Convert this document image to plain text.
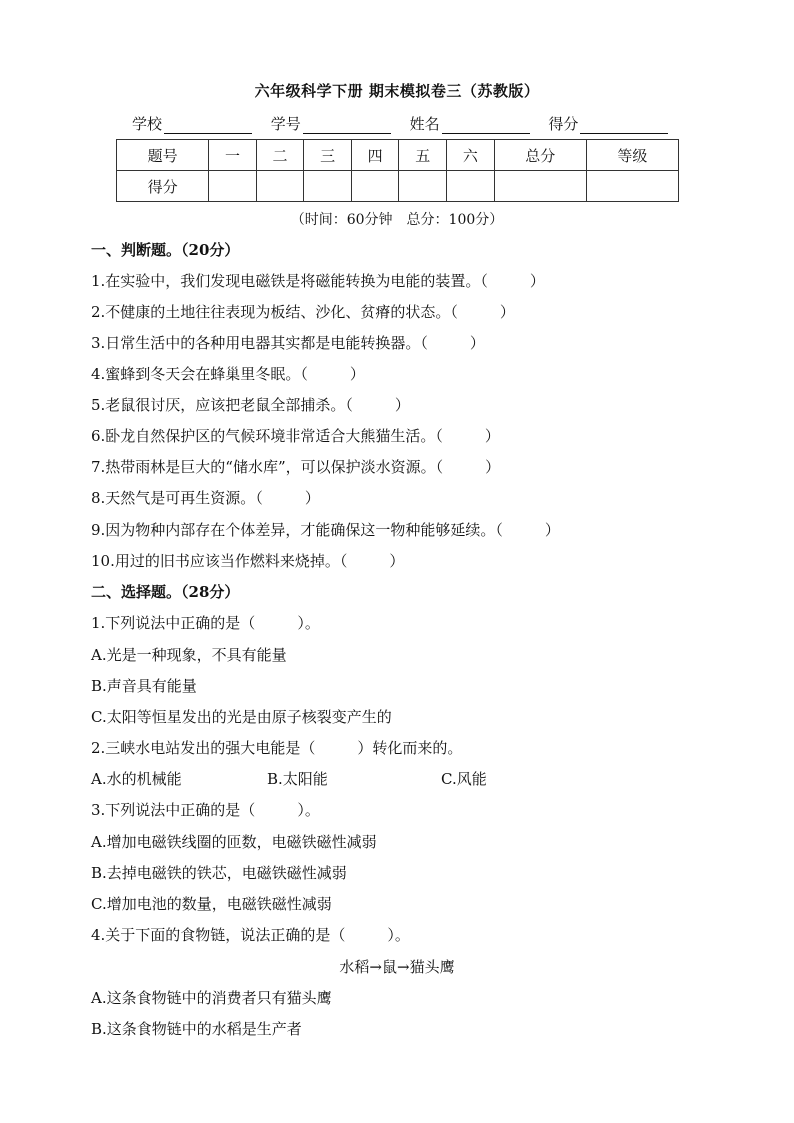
六年级科学下册 期末模拟卷三（苏教版）
学校	学号	姓名	得分
题号	一	二	三	四	五	六	总分	等级
得分								
（时间：60分钟　总分：100分）
一、判断题。（20分）
1.在实验中，我们发现电磁铁是将磁能转换为电能的装置。（	）
2.不健康的土地往往表现为板结、沙化、贫瘠的状态。（	）
3.日常生活中的各种用电器其实都是电能转换器。（	）
4.蜜蜂到冬天会在蜂巢里冬眠。（	）
5.老鼠很讨厌，应该把老鼠全部捕杀。（	）
6.卧龙自然保护区的气候环境非常适合大熊猫生活。（	）
7.热带雨林是巨大的“储水库”，可以保护淡水资源。（	）
8.天然气是可再生资源。（	）
9.因为物种内部存在个体差异，才能确保这一物种能够延续。（	）
10.用过的旧书应该当作燃料来烧掉。（	）
二、选择题。（28分）
1.下列说法中正确的是（	）。
A.光是一种现象，不具有能量
B.声音具有能量
C.太阳等恒星发出的光是由原子核裂变产生的
2.三峡水电站发出的强大电能是（	）转化而来的。
A.水的机械能	B.太阳能	C.风能
3.下列说法中正确的是（	）。
A.增加电磁铁线圈的匝数，电磁铁磁性减弱
B.去掉电磁铁的铁芯，电磁铁磁性减弱
C.增加电池的数量，电磁铁磁性减弱
4.关于下面的食物链，说法正确的是（	）。
水稻→鼠→猫头鹰
A.这条食物链中的消费者只有猫头鹰
B.这条食物链中的水稻是生产者
